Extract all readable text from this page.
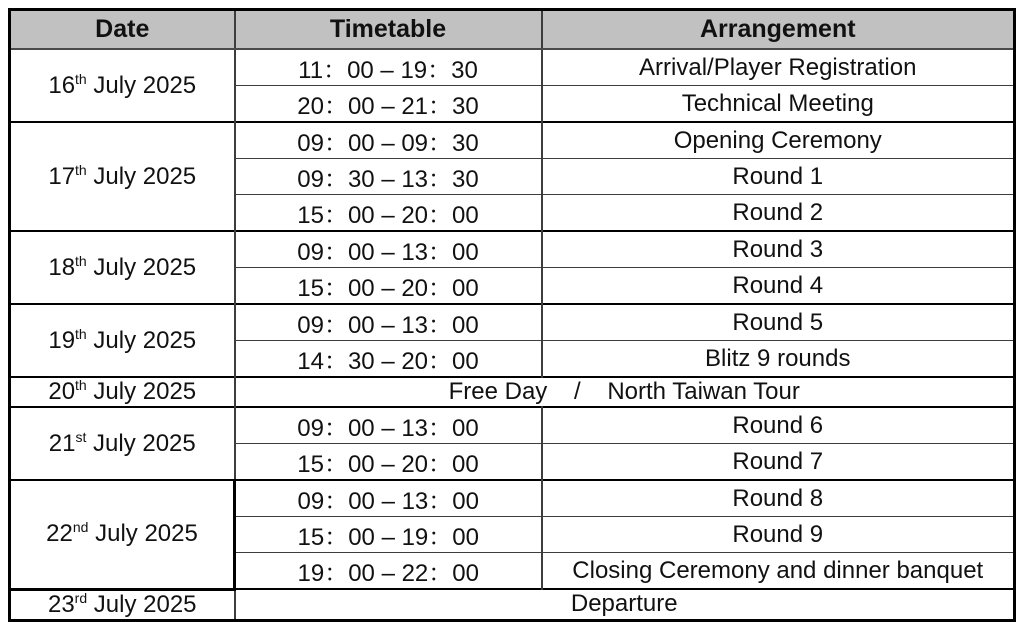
Date	Timetable	Arrangement
16th July 2025	11：00 – 19：30	Arrival/Player Registration
	20：00 – 21：30	Technical Meeting
17th July 2025	09：00 – 09：30	Opening Ceremony
	09：30 – 13：30	Round 1
	15：00 – 20：00	Round 2
18th July 2025	09：00 – 13：00	Round 3
	15：00 – 20：00	Round 4
19th July 2025	09：00 – 13：00	Round 5
	14：30 – 20：00	Blitz 9 rounds
20th July 2025	Free Day    /    North Taiwan Tour	
21st July 2025	09：00 – 13：00	Round 6
	15：00 – 20：00	Round 7
22nd July 2025	09：00 – 13：00	Round 8
	15：00 – 19：00	Round 9
	19：00 – 22：00	Closing Ceremony and dinner banquet
23rd July 2025	Departure	
